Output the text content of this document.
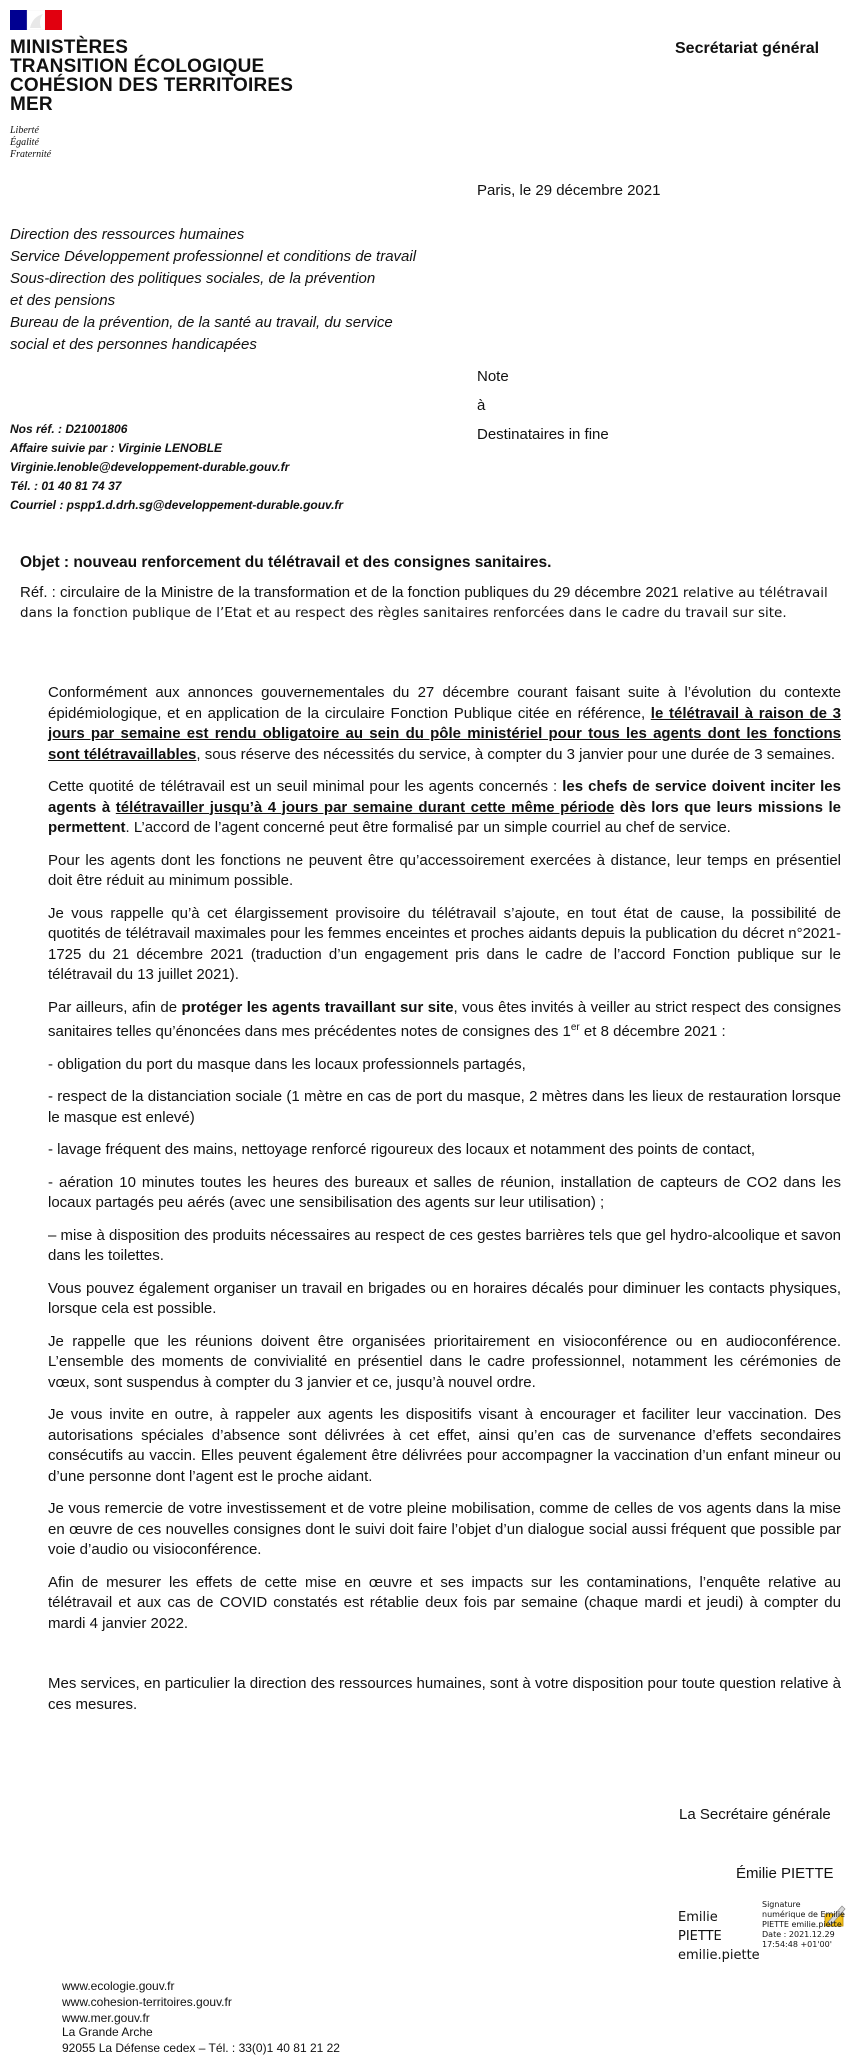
MINISTÈRES
TRANSITION ÉCOLOGIQUE
COHÉSION DES TERRITOIRES
MER
Liberté
Égalité
Fraternité
Secrétariat général
Paris, le 29 décembre 2021
Direction des ressources humaines
Service Développement professionnel et conditions de travail
Sous-direction des politiques sociales, de la prévention
et des pensions
Bureau de la prévention, de la santé au travail, du service
social et des personnes handicapées
Note
à
Destinataires in fine
Nos réf. : D21001806
Affaire suivie par : Virginie LENOBLE
Virginie.lenoble@developpement-durable.gouv.fr
Tél. : 01 40 81 74 37
Courriel : pspp1.d.drh.sg@developpement-durable.gouv.fr
Objet : nouveau renforcement du télétravail et des consignes sanitaires.
Réf. : circulaire de la Ministre de la transformation et de la fonction publiques du 29 décembre 2021 relative au télétravail dans la fonction publique de l’Etat et au respect des règles sanitaires renforcées dans le cadre du travail sur site.

Conformément aux annonces gouvernementales du 27 décembre courant faisant suite à l’évolution du contexte épidémiologique, et en application de la circulaire Fonction Publique citée en référence, le télétravail à raison de 3 jours par semaine est rendu obligatoire au sein du pôle ministériel pour tous les agents dont les fonctions sont télétravaillables, sous réserve des nécessités du service, à compter du 3 janvier pour une durée de 3 semaines.

Cette quotité de télétravail est un seuil minimal pour les agents concernés : les chefs de service doivent inciter les agents à télétravailler jusqu’à 4 jours par semaine durant cette même période dès lors que leurs missions le permettent. L’accord de l’agent concerné peut être formalisé par un simple courriel au chef de service.

Pour les agents dont les fonctions ne peuvent être qu’accessoirement exercées à distance, leur temps en présentiel doit être réduit au minimum possible.

Je vous rappelle qu’à cet élargissement provisoire du télétravail s’ajoute, en tout état de cause, la possibilité de quotités de télétravail maximales pour les femmes enceintes et proches aidants depuis la publication du décret n°2021-1725 du 21 décembre 2021 (traduction d’un engagement pris dans le cadre de l’accord Fonction publique sur le télétravail du 13 juillet 2021).

Par ailleurs, afin de protéger les agents travaillant sur site, vous êtes invités à veiller au strict respect des consignes sanitaires telles qu’énoncées dans mes précédentes notes de consignes des 1er et 8 décembre 2021 :

- obligation du port du masque dans les locaux professionnels partagés,

- respect de la distanciation sociale (1 mètre en cas de port du masque, 2 mètres dans les lieux de restauration lorsque le masque est enlevé)

- lavage fréquent des mains, nettoyage renforcé rigoureux des locaux et notamment des points de contact,

- aération 10 minutes toutes les heures des bureaux et salles de réunion, installation de capteurs de CO2 dans les locaux partagés peu aérés (avec une sensibilisation des agents sur leur utilisation) ;

– mise à disposition des produits nécessaires au respect de ces gestes barrières tels que gel hydro-alcoolique et savon dans les toilettes.

Vous pouvez également organiser un travail en brigades ou en horaires décalés pour diminuer les contacts physiques, lorsque cela est possible.

Je rappelle que les réunions doivent être organisées prioritairement en visioconférence ou en audioconférence. L’ensemble des moments de convivialité en présentiel dans le cadre professionnel, notamment les cérémonies de vœux, sont suspendus à compter du 3 janvier et ce, jusqu’à nouvel ordre.

Je vous invite en outre, à rappeler aux agents les dispositifs visant à encourager et faciliter leur vaccination. Des autorisations spéciales d’absence sont délivrées à cet effet, ainsi qu’en cas de survenance d’effets secondaires consécutifs au vaccin. Elles peuvent également être délivrées pour accompagner la vaccination d’un enfant mineur ou d’une personne dont l’agent est le proche aidant.

Je vous remercie de votre investissement et de votre pleine mobilisation, comme de celles de vos agents dans la mise en œuvre de ces nouvelles consignes dont le suivi doit faire l’objet d’un dialogue social aussi fréquent que possible par voie d’audio ou visioconférence.

Afin de mesurer les effets de cette mise en œuvre et ses impacts sur les contaminations, l’enquête relative au télétravail et aux cas de COVID constatés est rétablie deux fois par semaine (chaque mardi et jeudi) à compter du mardi 4 janvier 2022.

Mes services, en particulier la direction des ressources humaines, sont à votre disposition pour toute question relative à ces mesures.

La Secrétaire générale
Émilie PIETTE
Emilie
PIETTE
emilie.piette
Signature
numérique de Emilie
PIETTE emilie.piette
Date : 2021.12.29
17:54:48 +01'00'
www.ecologie.gouv.fr
www.cohesion-territoires.gouv.fr
www.mer.gouv.fr
La Grande Arche
92055 La Défense cedex – Tél. : 33(0)1 40 81 21 22
